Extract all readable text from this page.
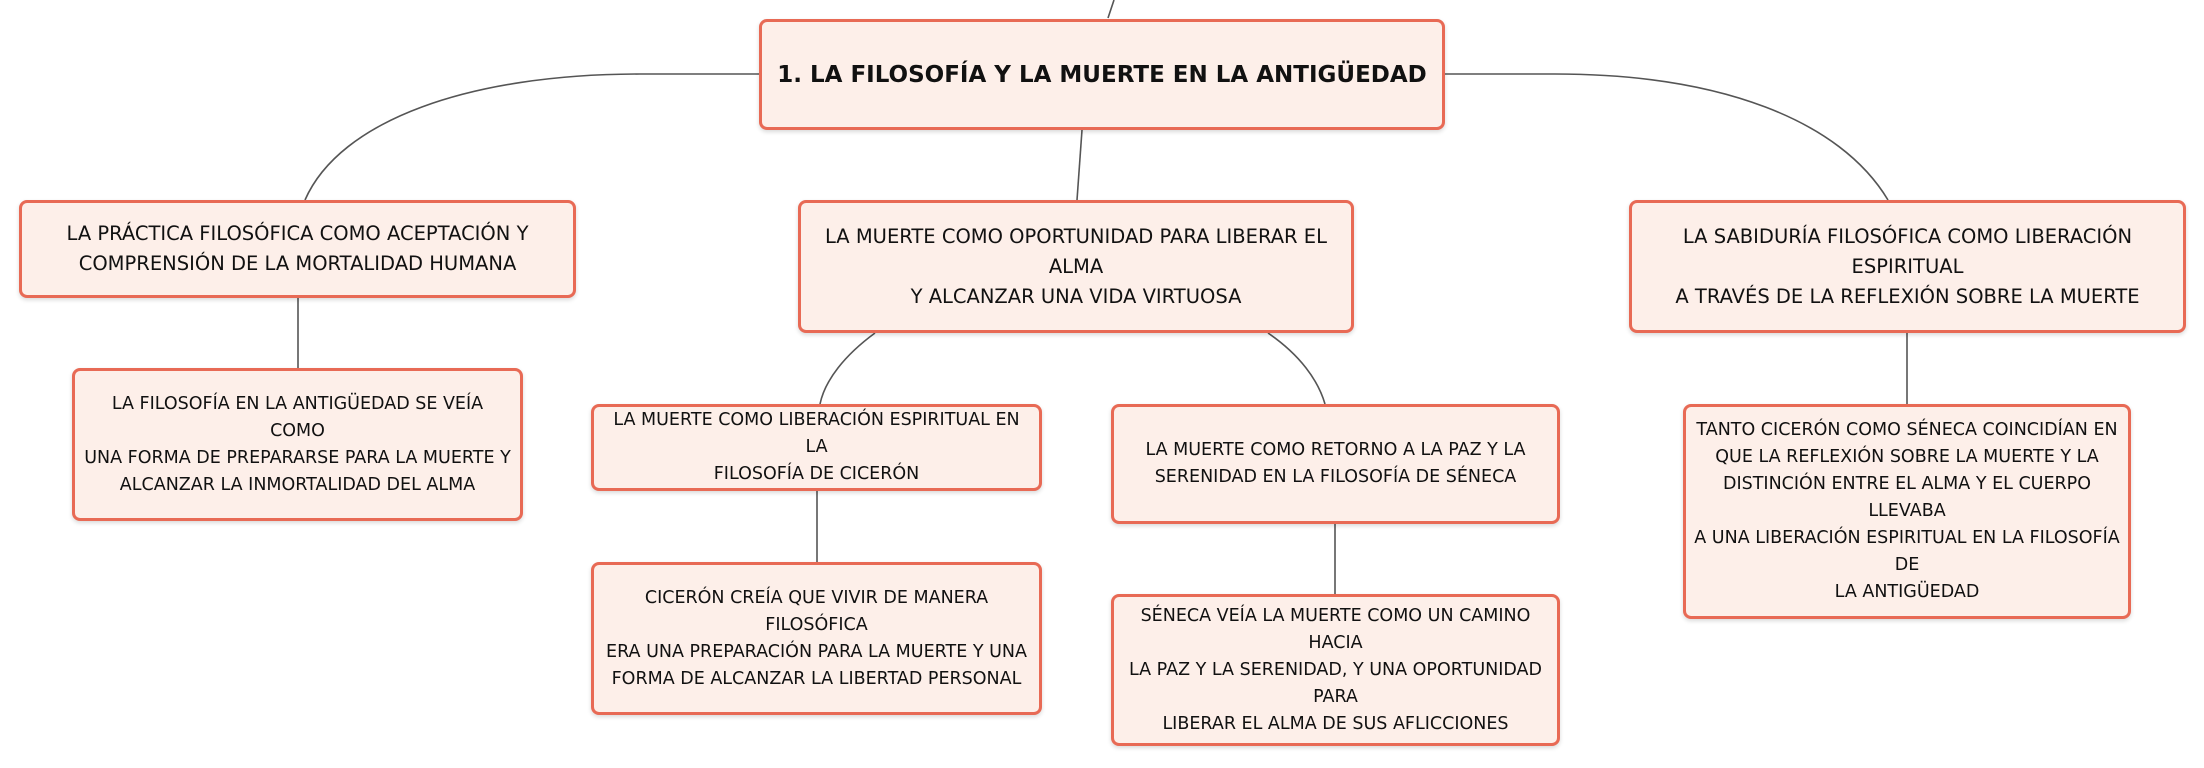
1. LA FILOSOFÍA Y LA MUERTE EN LA ANTIGÜEDAD
LA PRÁCTICA FILOSÓFICA COMO ACEPTACIÓN Y
COMPRENSIÓN DE LA MORTALIDAD HUMANA
LA MUERTE COMO OPORTUNIDAD PARA LIBERAR EL ALMA
Y ALCANZAR UNA VIDA VIRTUOSA
LA SABIDURÍA FILOSÓFICA COMO LIBERACIÓN ESPIRITUAL
A TRAVÉS DE LA REFLEXIÓN SOBRE LA MUERTE
LA FILOSOFÍA EN LA ANTIGÜEDAD SE VEÍA COMO
UNA FORMA DE PREPARARSE PARA LA MUERTE Y
ALCANZAR LA INMORTALIDAD DEL ALMA
LA MUERTE COMO LIBERACIÓN ESPIRITUAL EN LA
FILOSOFÍA DE CICERÓN
LA MUERTE COMO RETORNO A LA PAZ Y LA
SERENIDAD EN LA FILOSOFÍA DE SÉNECA
TANTO CICERÓN COMO SÉNECA COINCIDÍAN EN
QUE LA REFLEXIÓN SOBRE LA MUERTE Y LA
DISTINCIÓN ENTRE EL ALMA Y EL CUERPO LLEVABA
A UNA LIBERACIÓN ESPIRITUAL EN LA FILOSOFÍA DE
LA ANTIGÜEDAD
CICERÓN CREÍA QUE VIVIR DE MANERA FILOSÓFICA
ERA UNA PREPARACIÓN PARA LA MUERTE Y UNA
FORMA DE ALCANZAR LA LIBERTAD PERSONAL
SÉNECA VEÍA LA MUERTE COMO UN CAMINO HACIA
LA PAZ Y LA SERENIDAD, Y UNA OPORTUNIDAD PARA
LIBERAR EL ALMA DE SUS AFLICCIONES
